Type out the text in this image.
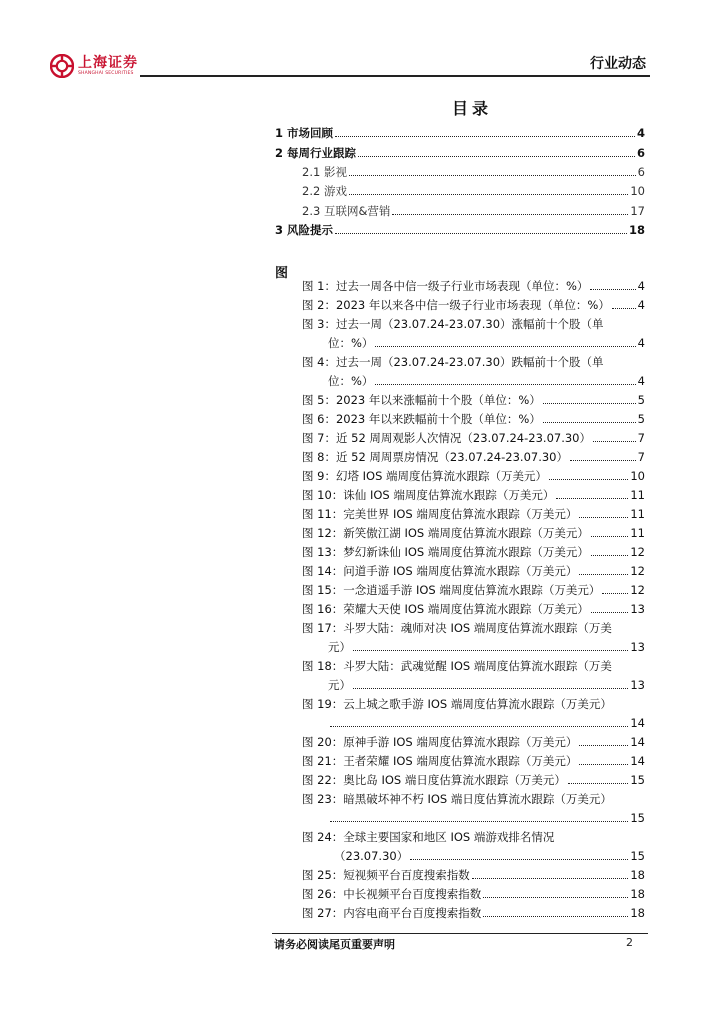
上海证券
SHANGHAI SECURITIES
行业动态
目录
1 市场回顾	4
2 每周行业跟踪	6
2.1 影视	6
2.2 游戏	10
2.3 互联网&营销	17
3 风险提示	18
图
图 1：过去一周各中信一级子行业市场表现（单位：%）	4
图 2：2023 年以来各中信一级子行业市场表现（单位：%） 4
图 3：过去一周（23.07.24-23.07.30）涨幅前十个股（单
位：%）	4
图 4：过去一周（23.07.24-23.07.30）跌幅前十个股（单
位：%）	4
图 5：2023 年以来涨幅前十个股（单位：%）	5
图 6：2023 年以来跌幅前十个股（单位：%）	5
图 7：近 52 周周观影人次情况（23.07.24-23.07.30）	7
图 8：近 52 周周票房情况（23.07.24-23.07.30）	7
图 9：幻塔 IOS 端周度估算流水跟踪（万美元）	10
图 10：诛仙 IOS 端周度估算流水跟踪（万美元）	11
图 11：完美世界 IOS 端周度估算流水跟踪（万美元）	11
图 12：新笑傲江湖 IOS 端周度估算流水跟踪（万美元）	11
图 13：梦幻新诛仙 IOS 端周度估算流水跟踪（万美元）	12
图 14：问道手游 IOS 端周度估算流水跟踪（万美元）	12
图 15：一念逍遥手游 IOS 端周度估算流水跟踪（万美元）	12
图 16：荣耀大天使 IOS 端周度估算流水跟踪（万美元）	13
图 17：斗罗大陆：魂师对决 IOS 端周度估算流水跟踪（万美
元）	13
图 18：斗罗大陆：武魂觉醒 IOS 端周度估算流水跟踪（万美
元）	13
图 19：云上城之歌手游 IOS 端周度估算流水跟踪（万美元）
14
图 20：原神手游 IOS 端周度估算流水跟踪（万美元）	14
图 21：王者荣耀 IOS 端周度估算流水跟踪（万美元）	14
图 22：奥比岛 IOS 端日度估算流水跟踪（万美元）	15
图 23：暗黑破坏神不朽 IOS 端日度估算流水跟踪（万美元）
15
图 24：全球主要国家和地区 IOS 端游戏排名情况
（23.07.30）	15
图 25：短视频平台百度搜索指数	18
图 26：中长视频平台百度搜索指数	18
图 27：内容电商平台百度搜索指数	18
请务必阅读尾页重要声明	2
